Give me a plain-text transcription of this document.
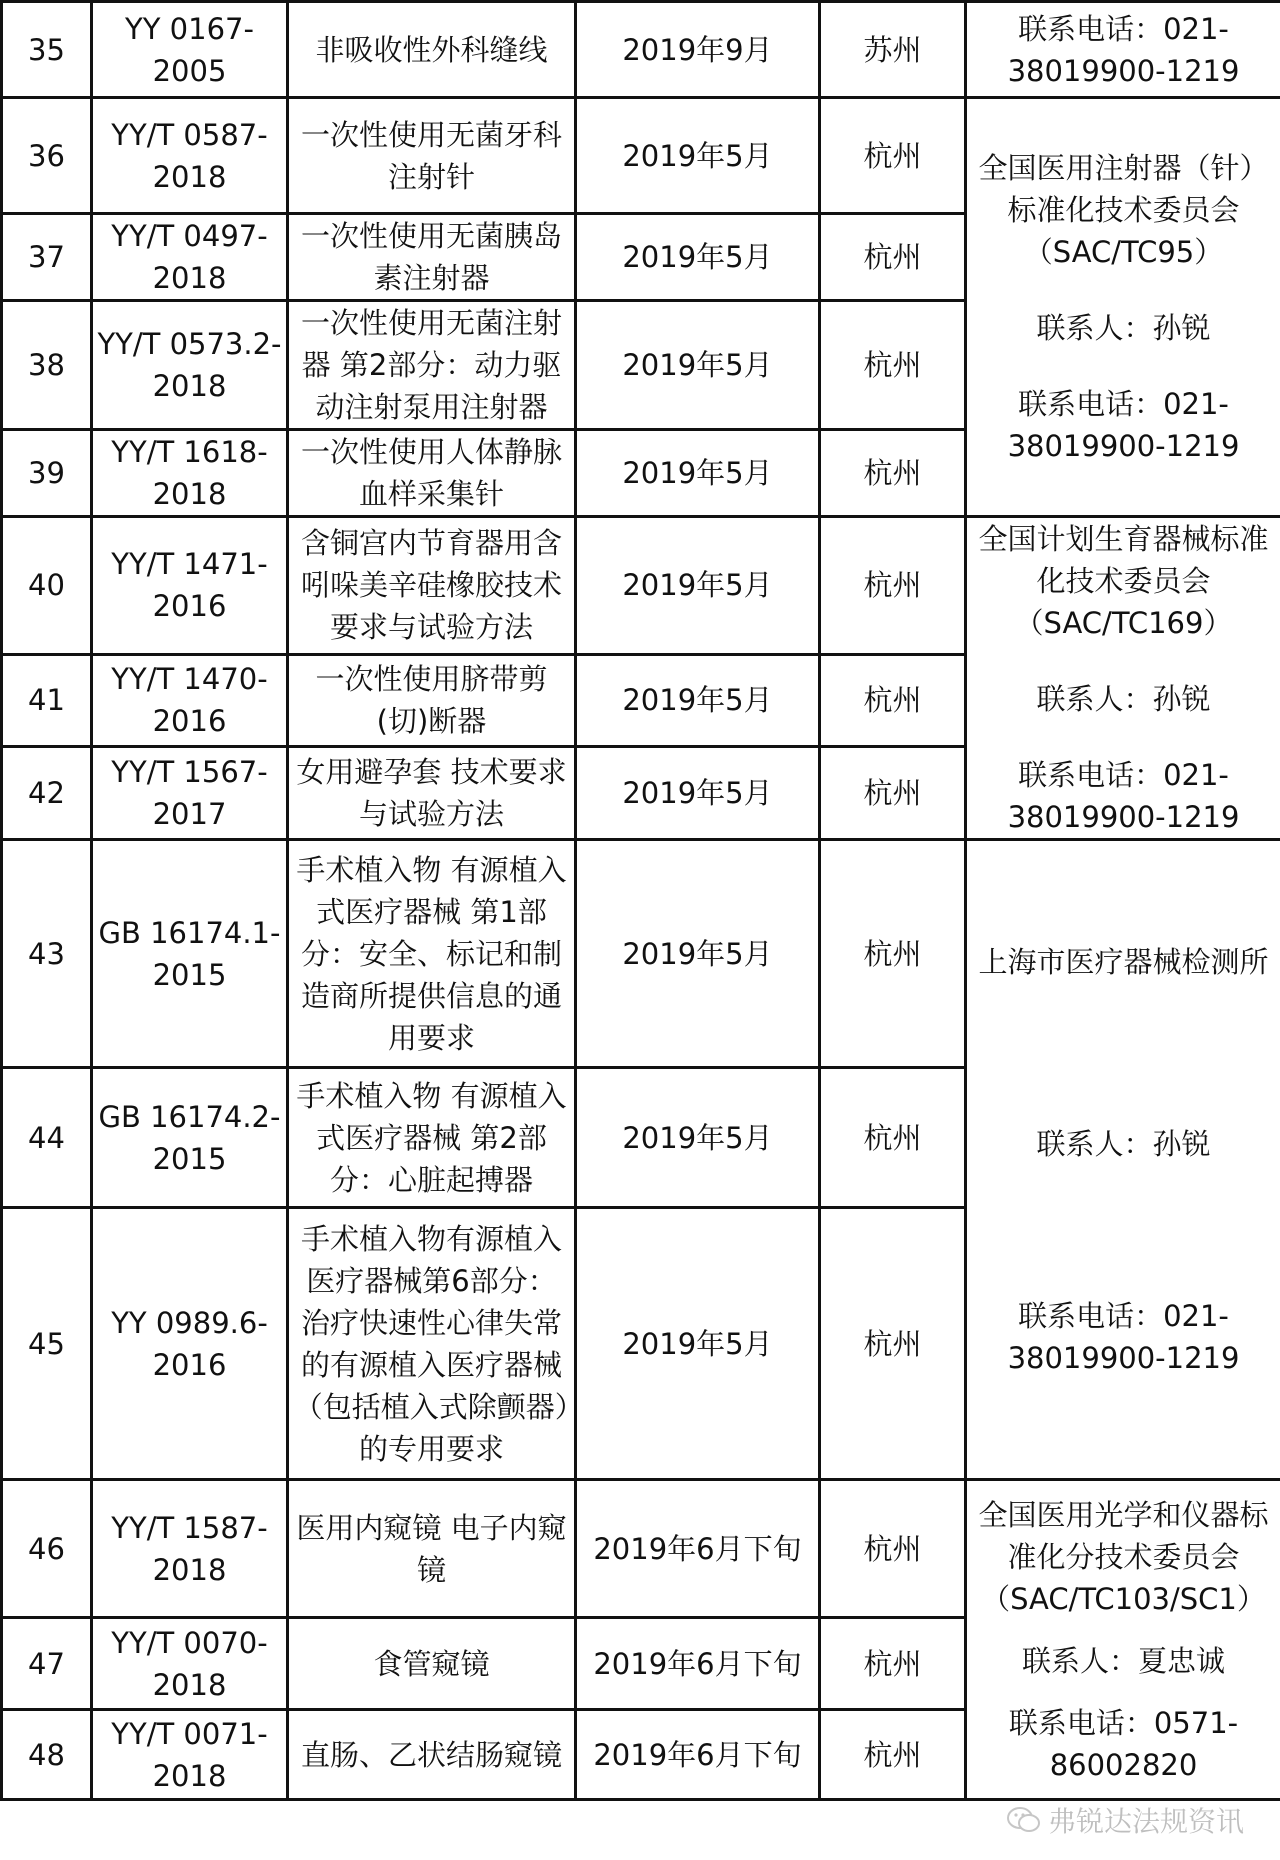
35	YY 0167-2005	非吸收性外科缝线	2019年9月	苏州	联系电话：021-38019900-1219

36	YY/T 0587-2018	一次性使用无菌牙科注射针	2019年5月	杭州	全国医用注射器（针）标准化技术委员会（SAC/TC95）
联系人：孙锐
联系电话：021-38019900-1219

37	YY/T 0497-2018	一次性使用无菌胰岛素注射器	2019年5月	杭州	
38	YY/T 0573.2-2018	一次性使用无菌注射器 第2部分：动力驱动注射泵用注射器	2019年5月	杭州	
39	YY/T 1618-2018	一次性使用人体静脉血样采集针	2019年5月	杭州	
40	YY/T 1471-2016	含铜宫内节育器用含吲哚美辛硅橡胶技术要求与试验方法	2019年5月	杭州	全国计划生育器械标准化技术委员会（SAC/TC169）
联系人：孙锐
联系电话：021-38019900-1219

41	YY/T 1470-2016	一次性使用脐带剪(切)断器	2019年5月	杭州	
42	YY/T 1567-2017	女用避孕套 技术要求与试验方法	2019年5月	杭州	
43	GB 16174.1-2015	手术植入物 有源植入式医疗器械 第1部分：安全、标记和制造商所提供信息的通用要求	2019年5月	杭州	上海市医疗器械检测所
联系人：孙锐
联系电话：021-38019900-1219

44	GB 16174.2-2015	手术植入物 有源植入式医疗器械 第2部分：心脏起搏器	2019年5月	杭州	
45	YY 0989.6-2016	手术植入物有源植入医疗器械第6部分：治疗快速性心律失常的有源植入医疗器械（包括植入式除颤器）的专用要求	2019年5月	杭州	
46	YY/T 1587-2018	医用内窥镜 电子内窥镜	2019年6月下旬	杭州	全国医用光学和仪器标准化分技术委员会（SAC/TC103/SC1）
联系人：夏忠诚
联系电话：0571-86002820

47	YY/T 0070-2018	食管窥镜	2019年6月下旬	杭州	
48	YY/T 0071-2018	直肠、乙状结肠窥镜	2019年6月下旬	杭州	
弗锐达法规资讯
